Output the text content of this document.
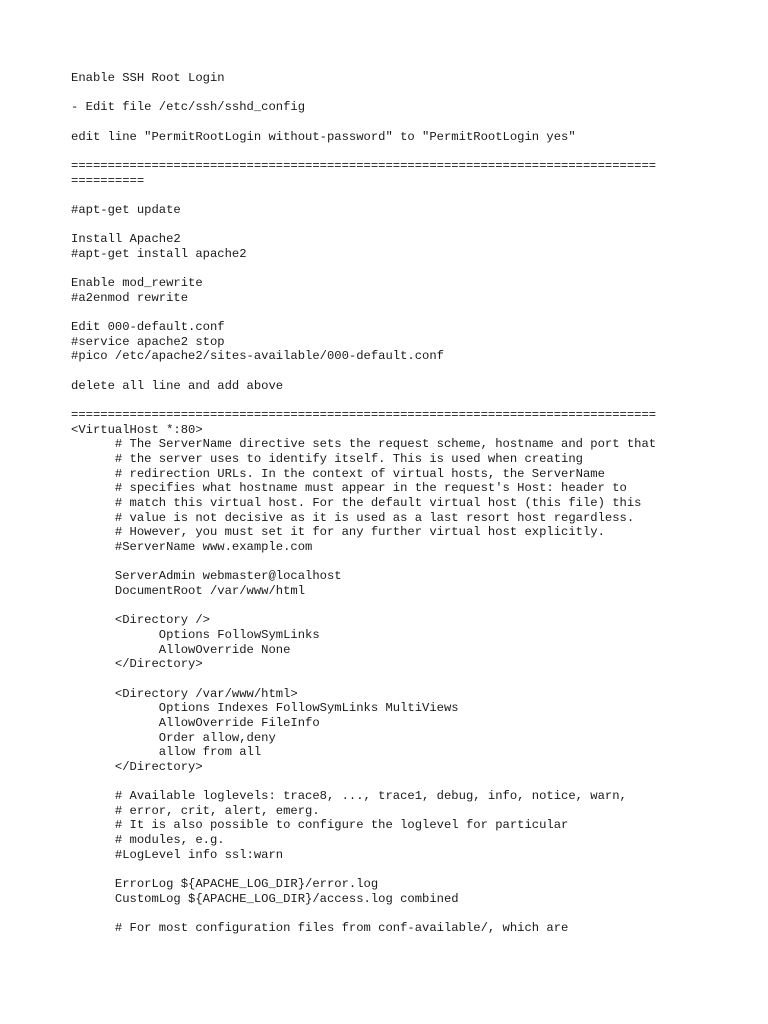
Enable SSH Root Login
- Edit file /etc/ssh/sshd_config
edit line "PermitRootLogin without-password" to "PermitRootLogin yes"
================================================================================
==========
#apt-get update
Install Apache2
#apt-get install apache2
Enable mod_rewrite
#a2enmod rewrite
Edit 000-default.conf
#service apache2 stop
#pico /etc/apache2/sites-available/000-default.conf
delete all line and add above
================================================================================
<VirtualHost *:80>
# The ServerName directive sets the request scheme, hostname and port that
# the server uses to identify itself. This is used when creating
# redirection URLs. In the context of virtual hosts, the ServerName
# specifies what hostname must appear in the request's Host: header to
# match this virtual host. For the default virtual host (this file) this
# value is not decisive as it is used as a last resort host regardless.
# However, you must set it for any further virtual host explicitly.
#ServerName www.example.com
ServerAdmin webmaster@localhost
DocumentRoot /var/www/html
<Directory />
Options FollowSymLinks
AllowOverride None
</Directory>
<Directory /var/www/html>
Options Indexes FollowSymLinks MultiViews
AllowOverride FileInfo
Order allow,deny
allow from all
</Directory>
# Available loglevels: trace8, ..., trace1, debug, info, notice, warn,
# error, crit, alert, emerg.
# It is also possible to configure the loglevel for particular
# modules, e.g.
#LogLevel info ssl:warn
ErrorLog ${APACHE_LOG_DIR}/error.log
CustomLog ${APACHE_LOG_DIR}/access.log combined
# For most configuration files from conf-available/, which are
